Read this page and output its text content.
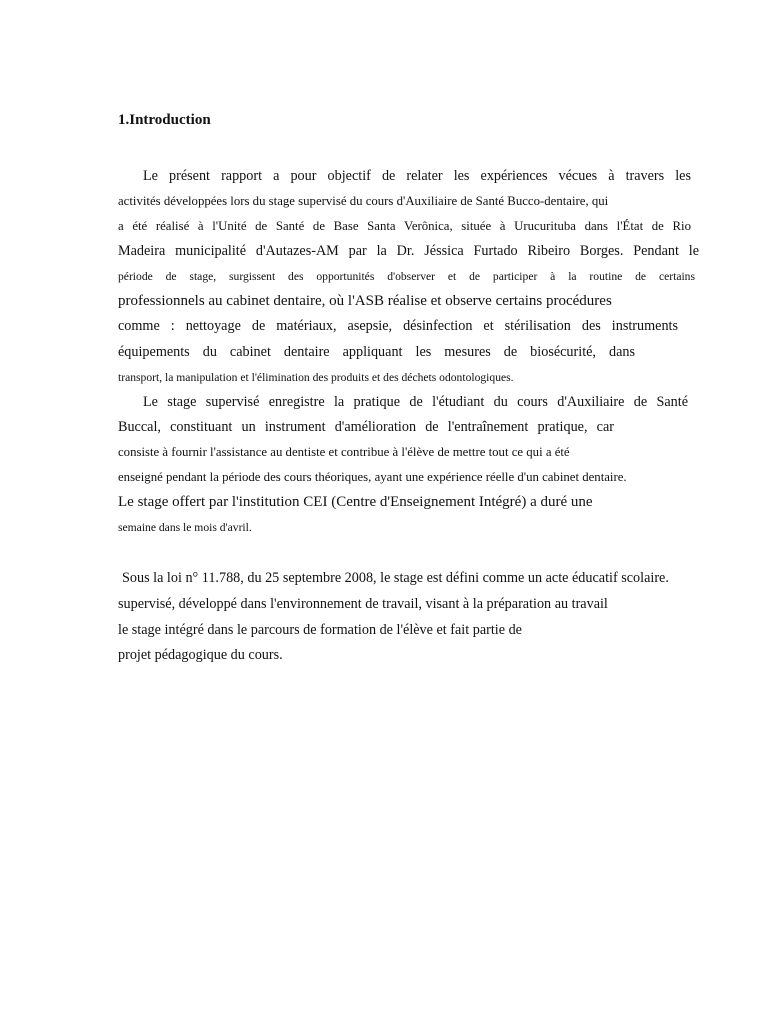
1.Introduction
Le présent rapport a pour objectif de relater les expériences vécues à travers les
activités développées lors du stage supervisé du cours d'Auxiliaire de Santé Bucco-dentaire, qui
a été réalisé à l'Unité de Santé de Base Santa Verônica, située à Urucurituba dans l'État de Rio
Madeira municipalité d'Autazes-AM par la Dr. Jéssica Furtado Ribeiro Borges. Pendant le
période de stage, surgissent des opportunités d'observer et de participer à la routine de certains
professionnels au cabinet dentaire, où l'ASB réalise et observe certains procédures
comme : nettoyage de matériaux, asepsie, désinfection et stérilisation des instruments
équipements du cabinet dentaire appliquant les mesures de biosécurité, dans
transport, la manipulation et l'élimination des produits et des déchets odontologiques.
Le stage supervisé enregistre la pratique de l'étudiant du cours d'Auxiliaire de Santé
Buccal, constituant un instrument d'amélioration de l'entraînement pratique, car
consiste à fournir l'assistance au dentiste et contribue à l'élève de mettre tout ce qui a été
enseigné pendant la période des cours théoriques, ayant une expérience réelle d'un cabinet dentaire.
Le stage offert par l'institution CEI (Centre d'Enseignement Intégré) a duré une
semaine dans le mois d'avril.
Sous la loi n° 11.788, du 25 septembre 2008, le stage est défini comme un acte éducatif scolaire.
supervisé, développé dans l'environnement de travail, visant à la préparation au travail
le stage intégré dans le parcours de formation de l'élève et fait partie de
projet pédagogique du cours.
